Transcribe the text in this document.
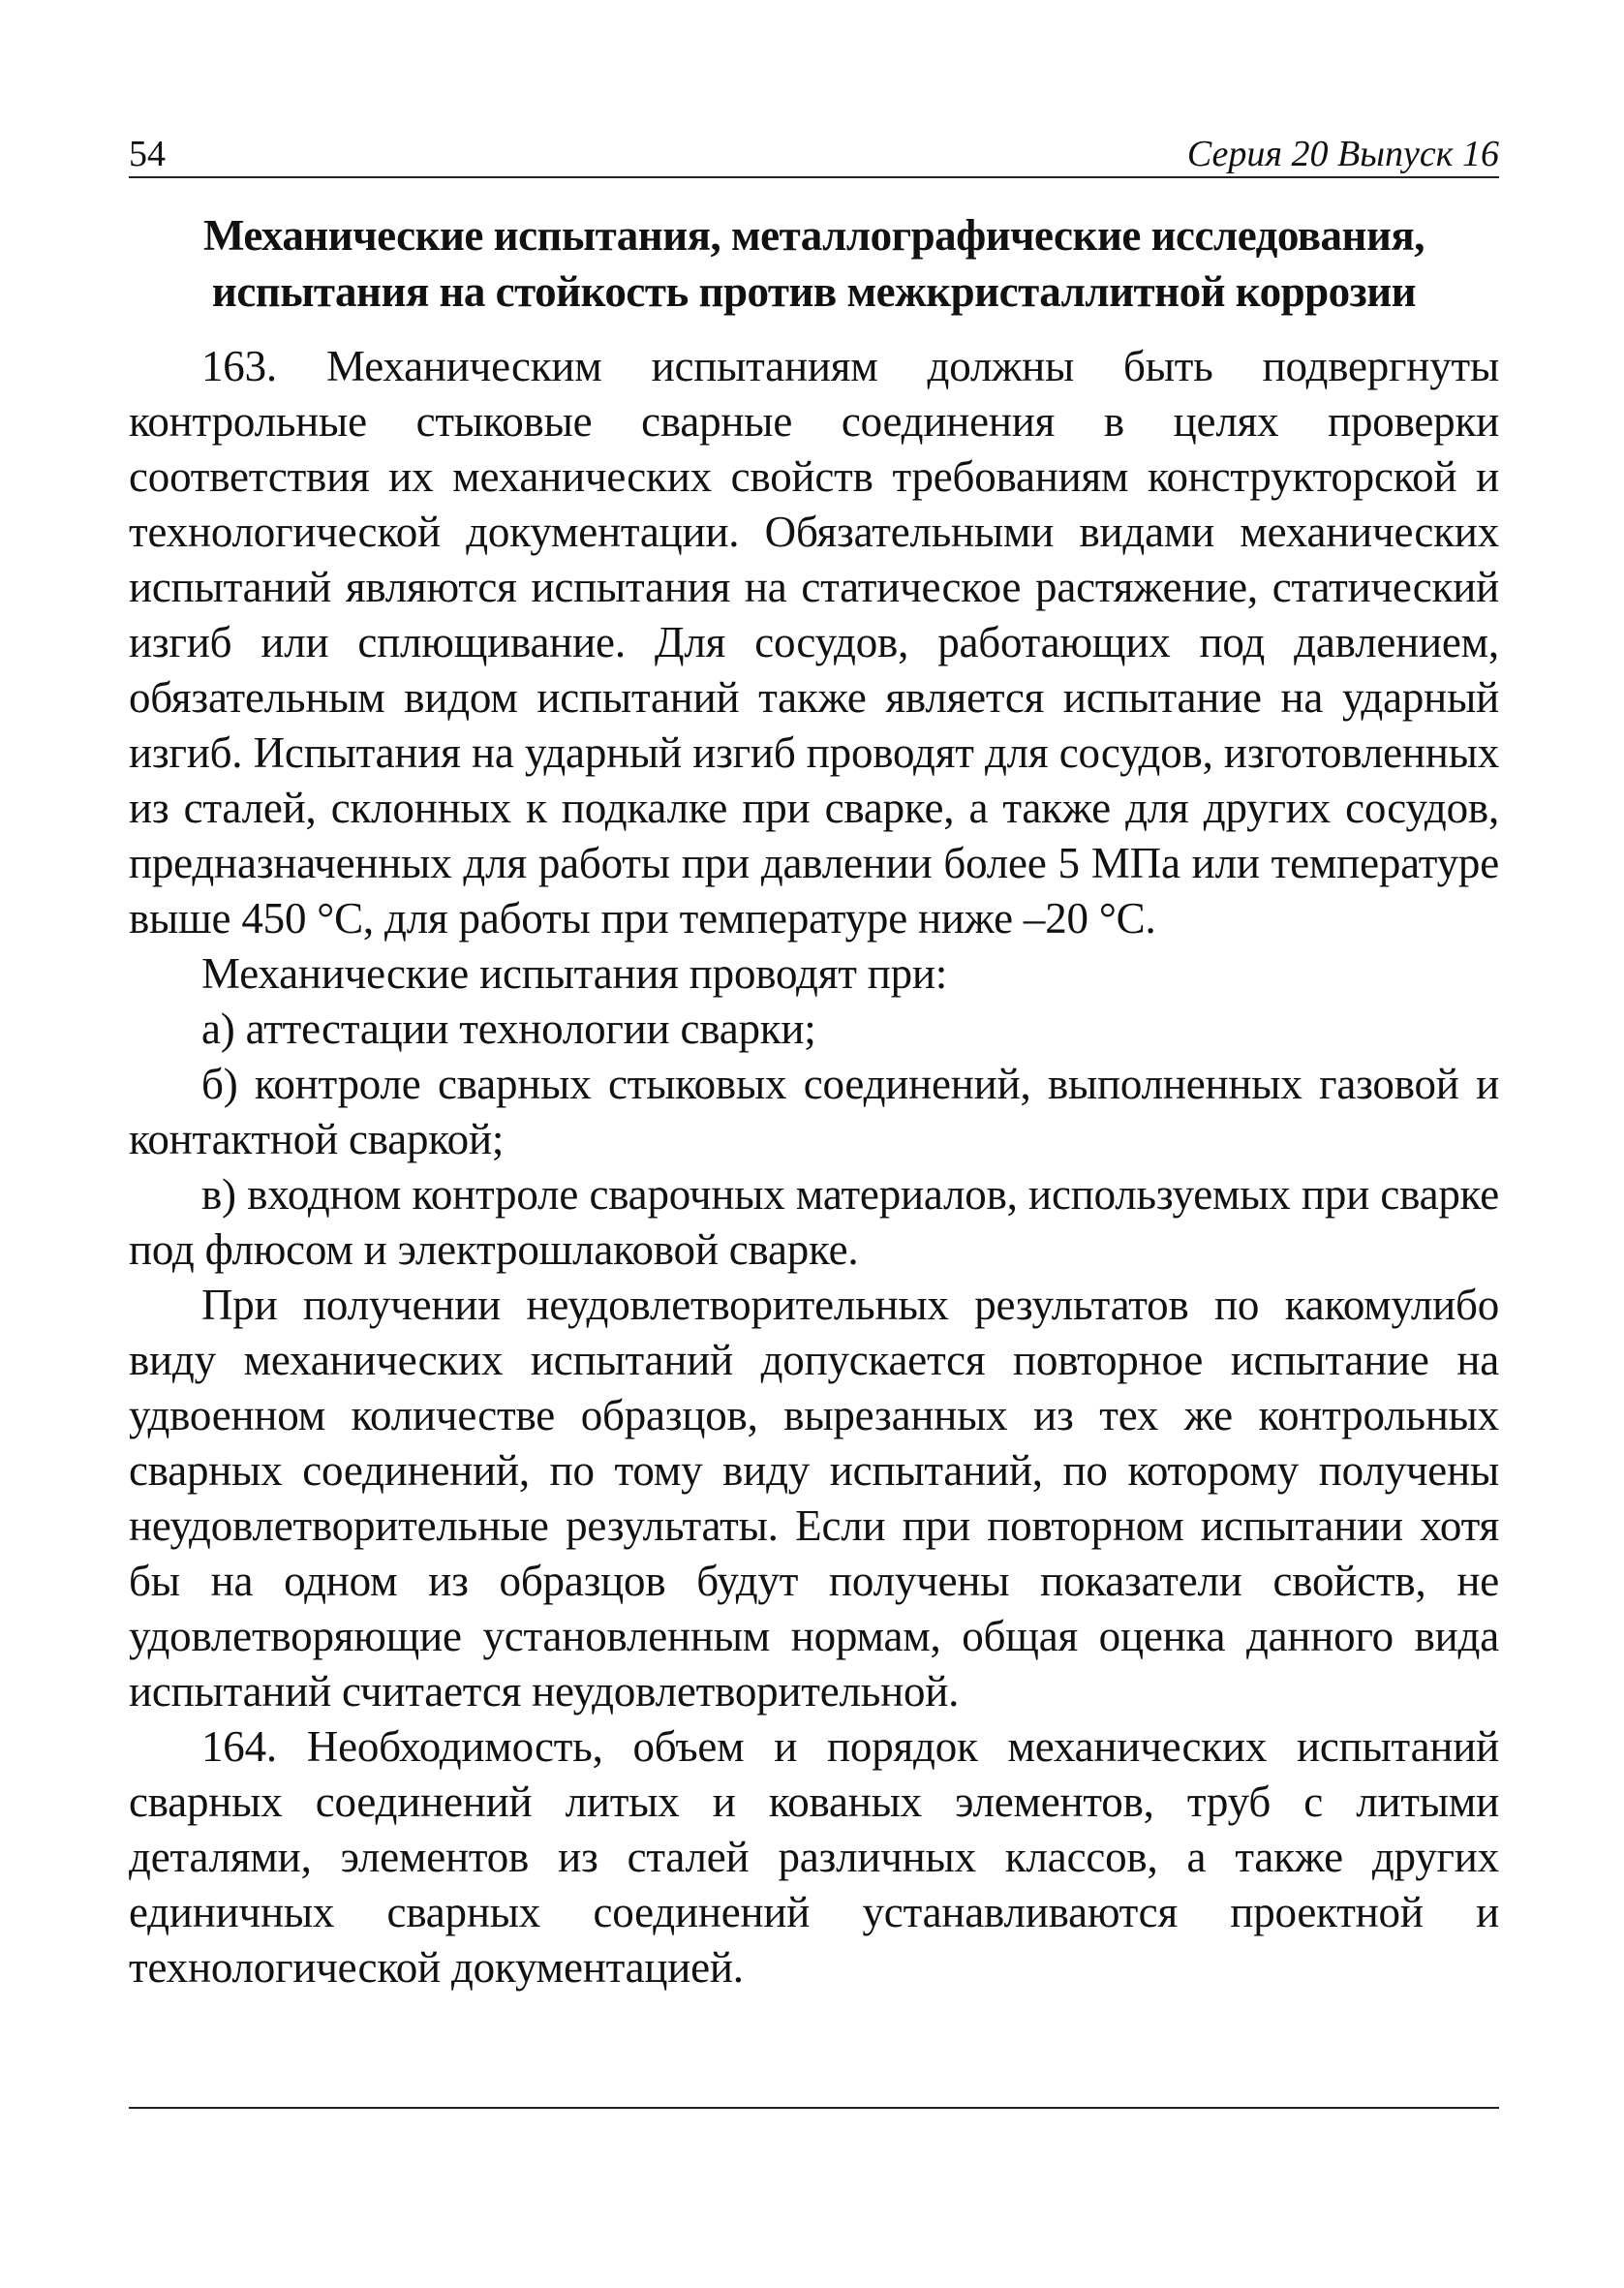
54	Серия 20 Выпуск 16
Механические испытания, металлографические исследования,
испытания на стойкость против межкристаллитной коррозии

163. Механическим испытаниям должны быть подвергнуты контрольные стыковые сварные соединения в целях проверки соответствия их механических свойств требованиям конструкторской и технологической документации. Обязательными видами механических испытаний являются испытания на статическое растяжение, статический изгиб или сплющивание. Для сосудов, работающих под давлением, обязательным видом испытаний также является испытание на ударный изгиб. Испытания на ударный изгиб проводят для сосудов, изготовленных из сталей, склонных к подкалке при сварке, а также для других сосудов, предназначенных для работы при давлении более 5 МПа или температуре выше 450 °С, для работы при температуре ниже –20 °С.

Механические испытания проводят при:

а) аттестации технологии сварки;

б) контроле сварных стыковых соединений, выполненных газовой и контактной сваркой;

в) входном контроле сварочных материалов, используемых при сварке под флюсом и электрошлаковой сварке.

При получении неудовлетворительных результатов по какомулибо виду механических испытаний допускается повторное испытание на удвоенном количестве образцов, вырезанных из тех же контрольных сварных соединений, по тому виду испытаний, по которому получены неудовлетворительные результаты. Если при повторном испытании хотя бы на одном из образцов будут получены показатели свойств, не удовлетворяющие установленным нормам, общая оценка данного вида испытаний считается неудовлетворительной.

164. Необходимость, объем и порядок механических испытаний сварных соединений литых и кованых элементов, труб с литыми деталями, элементов из сталей различных классов, а также других единичных сварных соединений устанавливаются проектной и технологической документацией.
